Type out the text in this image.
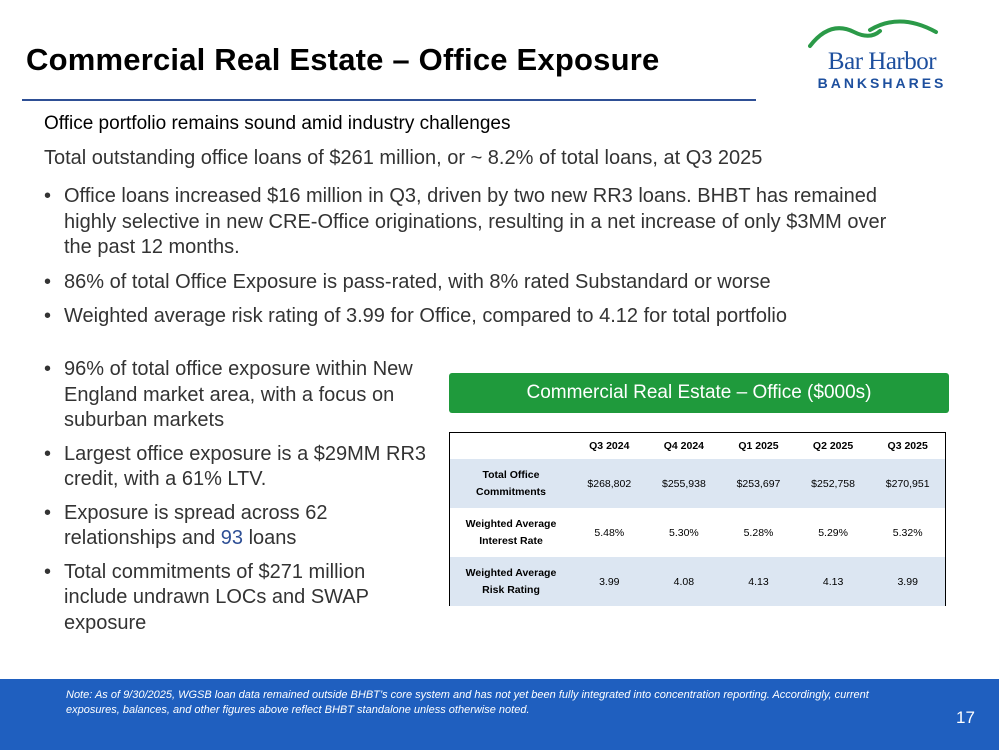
Commercial Real Estate – Office Exposure	Bar Harbor
BANKSHARES
Office portfolio remains sound amid industry challenges
Total outstanding office loans of $261 million, or ~ 8.2% of total loans, at Q3 2025
• Office loans increased $16 million in Q3, driven by two new RR3 loans. BHBT has remained highly selective in new CRE-Office originations, resulting in a net increase of only $3MM over the past 12 months.
• 86% of total Office Exposure is pass-rated, with 8% rated Substandard or worse
• Weighted average risk rating of 3.99 for Office, compared to 4.12 for total portfolio
• 96% of total office exposure within New England market area, with a focus on suburban markets
• Largest office exposure is a $29MM RR3 credit, with a 61% LTV.
• Exposure is spread across 62 relationships and 93 loans
• Total commitments of $271 million include undrawn LOCs and SWAP exposure
Commercial Real Estate – Office ($000s)
	Q3 2024	Q4 2024	Q1 2025	Q2 2025	Q3 2025
Total Office
Commitments	$268,802	$255,938	$253,697	$252,758	$270,951
Weighted Average
Interest Rate	5.48%	5.30%	5.28%	5.29%	5.32%
Weighted Average
Risk Rating	3.99	4.08	4.13	4.13	3.99
Note: As of 9/30/2025, WGSB loan data remained outside BHBT’s core system and has not yet been fully integrated into concentration reporting. Accordingly, current exposures, balances, and other figures above reflect BHBT standalone unless otherwise noted.	17
